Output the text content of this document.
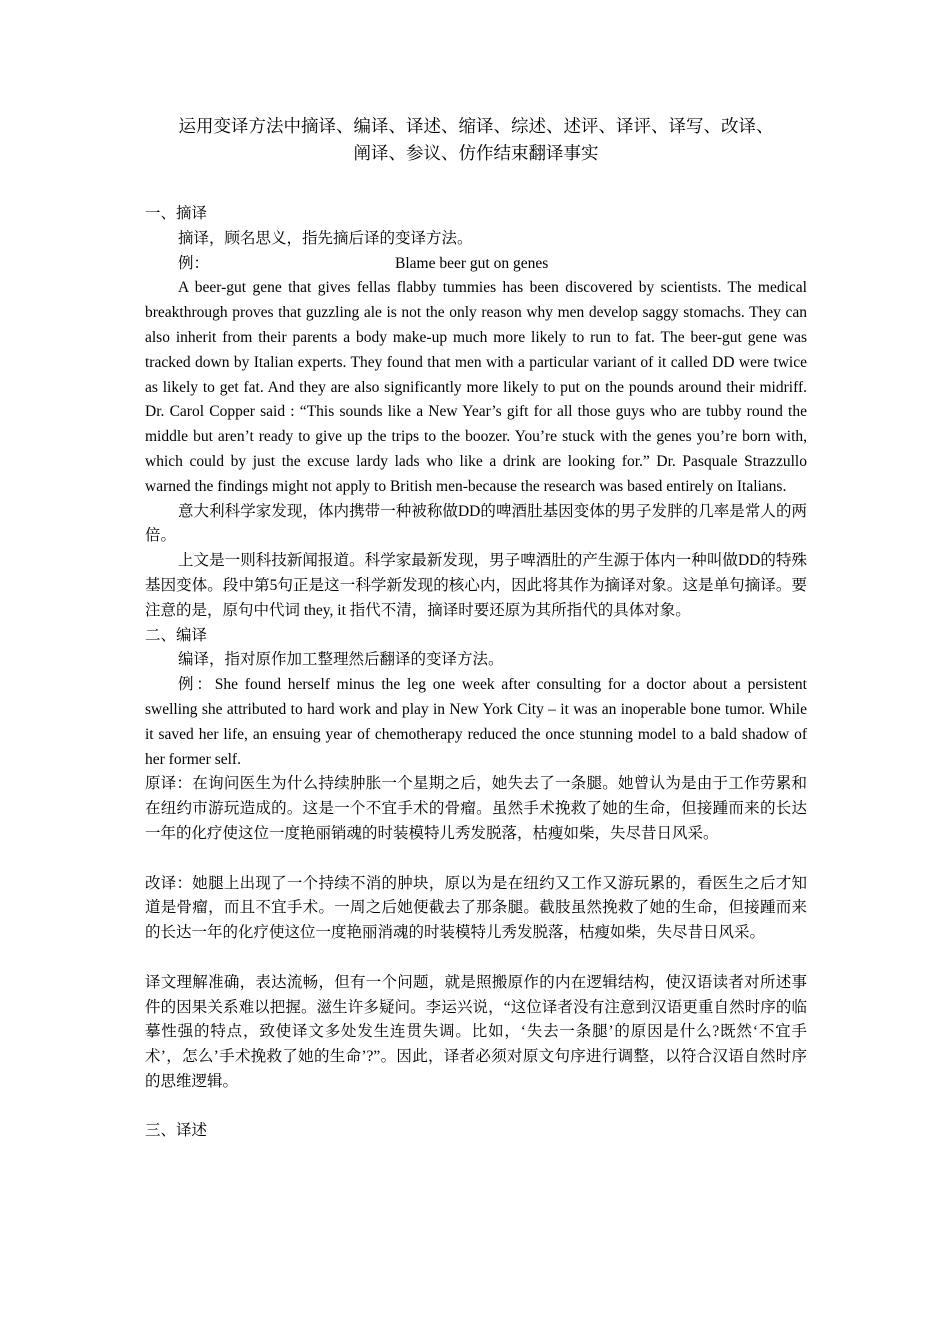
运用变译方法中摘译、编译、译述、缩译、综述、述评、译评、译写、改译、
阐译、参议、仿作结束翻译事实

一、摘译

摘译，顾名思义，指先摘后译的变译方法。

例：	Blame beer gut on genes

A beer-gut gene that gives fellas flabby tummies has been discovered by scientists. The medical breakthrough proves that guzzling ale is not the only reason why men develop saggy stomachs. They can also inherit from their parents a body make-up much more likely to run to fat. The beer-gut gene was tracked down by Italian experts. They found that men with a particular variant of it called DD were twice as likely to get fat. And they are also significantly more likely to put on the pounds around their midriff. Dr. Carol Copper said : “This sounds like a New Year’s gift for all those guys who are tubby round the middle but aren’t ready to give up the trips to the boozer. You’re stuck with the genes you’re born with, which could by just the excuse lardy lads who like a drink are looking for.” Dr. Pasquale Strazzullo warned the findings might not apply to British men-because the research was based entirely on Italians.

意大利科学家发现，体内携带一种被称做DD的啤酒肚基因变体的男子发胖的几率是常人的两倍。

上文是一则科技新闻报道。科学家最新发现，男子啤酒肚的产生源于体内一种叫做DD的特殊基因变体。段中第5句正是这一科学新发现的核心内，因此将其作为摘译对象。这是单句摘译。要注意的是，原句中代词 they, it 指代不清，摘译时要还原为其所指代的具体对象。

二、编译

编译，指对原作加工整理然后翻译的变译方法。

例：She found herself minus the leg one week after consulting for a doctor about a persistent swelling she attributed to hard work and play in New York City – it was an inoperable bone tumor. While it saved her life, an ensuing year of chemotherapy reduced the once stunning model to a bald shadow of her former self.

原译：在询问医生为什么持续肿胀一个星期之后，她失去了一条腿。她曾认为是由于工作劳累和在纽约市游玩造成的。这是一个不宜手术的骨瘤。虽然手术挽救了她的生命，但接踵而来的长达一年的化疗使这位一度艳丽销魂的时装模特儿秀发脱落，枯瘦如柴，失尽昔日风采。

改译：她腿上出现了一个持续不消的肿块，原以为是在纽约又工作又游玩累的，看医生之后才知道是骨瘤，而且不宜手术。一周之后她便截去了那条腿。截肢虽然挽救了她的生命，但接踵而来的长达一年的化疗使这位一度艳丽消魂的时装模特儿秀发脱落，枯瘦如柴，失尽昔日风采。

译文理解准确，表达流畅，但有一个问题，就是照搬原作的内在逻辑结构，使汉语读者对所述事件的因果关系难以把握。滋生许多疑问。李运兴说，“这位译者没有注意到汉语更重自然时序的临摹性强的特点，致使译文多处发生连贯失调。比如，‘失去一条腿’的原因是什么?既然‘不宜手术’，怎么’手术挽救了她的生命’?”。因此，译者必须对原文句序进行调整，以符合汉语自然时序的思维逻辑。

三、译述
